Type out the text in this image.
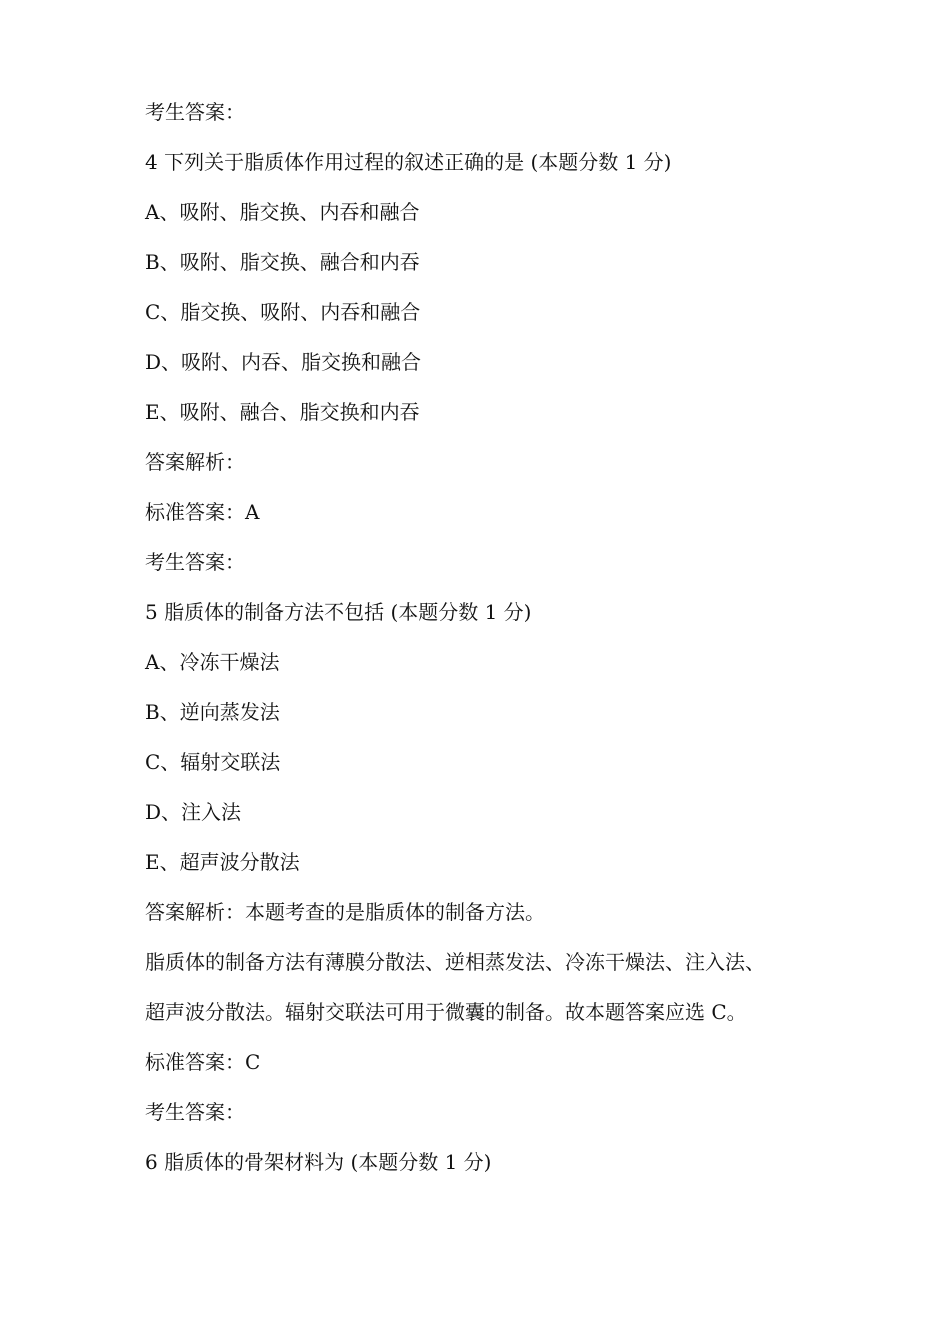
考生答案：
4 下列关于脂质体作用过程的叙述正确的是 (本题分数 1 分)
A、吸附、脂交换、内吞和融合
B、吸附、脂交换、融合和内吞
C、脂交换、吸附、内吞和融合
D、吸附、内吞、脂交换和融合
E、吸附、融合、脂交换和内吞
答案解析：
标准答案：A
考生答案：
5 脂质体的制备方法不包括 (本题分数 1 分)
A、冷冻干燥法
B、逆向蒸发法
C、辐射交联法
D、注入法
E、超声波分散法
答案解析：本题考查的是脂质体的制备方法。
脂质体的制备方法有薄膜分散法、逆相蒸发法、冷冻干燥法、注入法、
超声波分散法。辐射交联法可用于微囊的制备。故本题答案应选 C。
标准答案：C
考生答案：
6 脂质体的骨架材料为 (本题分数 1 分)
